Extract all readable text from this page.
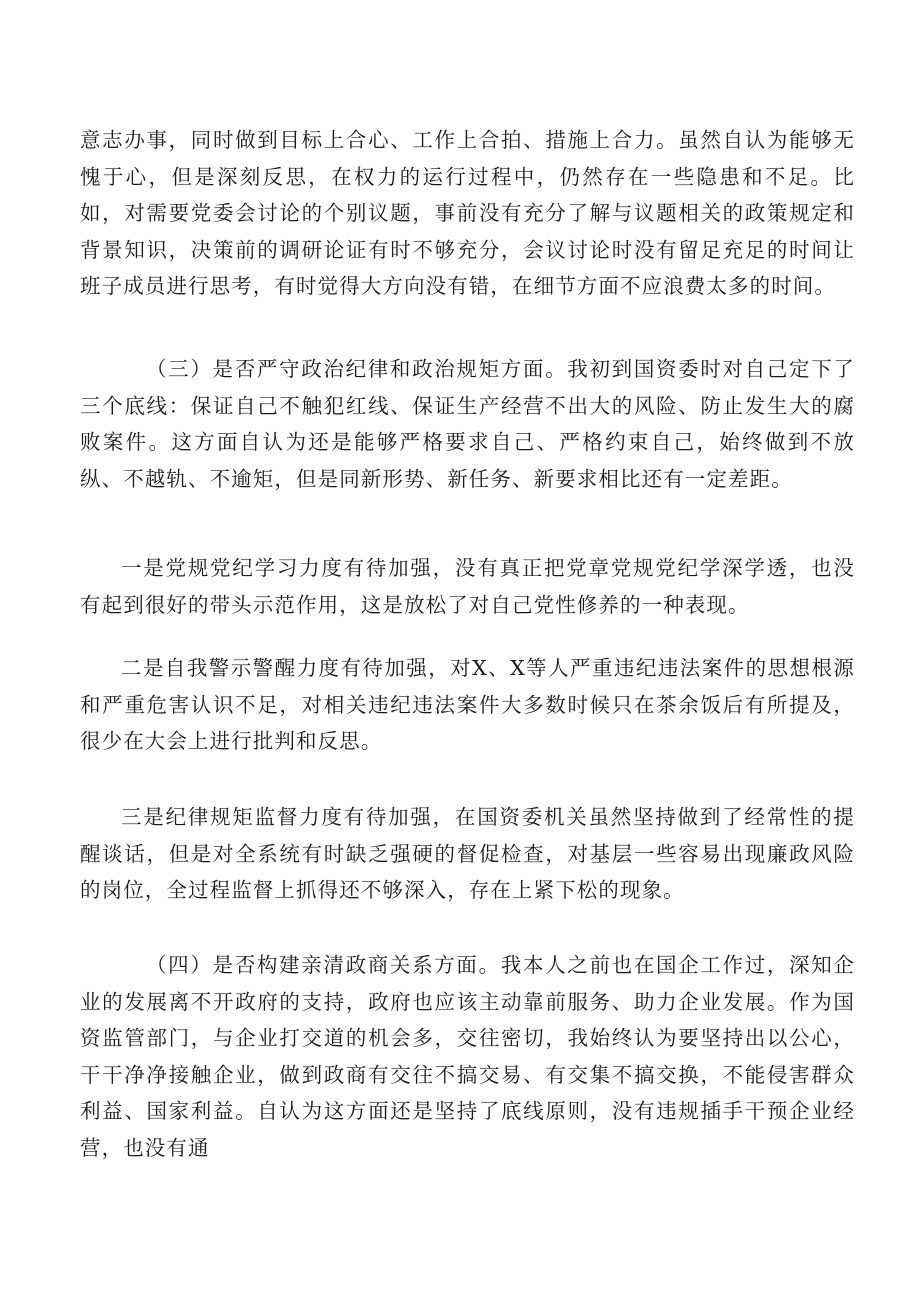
意志办事，同时做到目标上合心、工作上合拍、措施上合力。虽然自认为能够无愧于心，但是深刻反思，在权力的运行过程中，仍然存在一些隐患和不足。比如，对需要党委会讨论的个别议题，事前没有充分了解与议题相关的政策规定和背景知识，决策前的调研论证有时不够充分，会议讨论时没有留足充足的时间让班子成员进行思考，有时觉得大方向没有错，在细节方面不应浪费太多的时间。

（三）是否严守政治纪律和政治规矩方面。我初到国资委时对自己定下了三个底线：保证自己不触犯红线、保证生产经营不出大的风险、防止发生大的腐败案件。这方面自认为还是能够严格要求自己、严格约束自己，始终做到不放纵、不越轨、不逾矩，但是同新形势、新任务、新要求相比还有一定差距。

一是党规党纪学习力度有待加强，没有真正把党章党规党纪学深学透，也没有起到很好的带头示范作用，这是放松了对自己党性修养的一种表现。

二是自我警示警醒力度有待加强，对X、X等人严重违纪违法案件的思想根源和严重危害认识不足，对相关违纪违法案件大多数时候只在茶余饭后有所提及，很少在大会上进行批判和反思。

三是纪律规矩监督力度有待加强，在国资委机关虽然坚持做到了经常性的提醒谈话，但是对全系统有时缺乏强硬的督促检查，对基层一些容易出现廉政风险的岗位，全过程监督上抓得还不够深入，存在上紧下松的现象。

（四）是否构建亲清政商关系方面。我本人之前也在国企工作过，深知企业的发展离不开政府的支持，政府也应该主动靠前服务、助力企业发展。作为国资监管部门，与企业打交道的机会多，交往密切，我始终认为要坚持出以公心，干干净净接触企业，做到政商有交往不搞交易、有交集不搞交换，不能侵害群众利益、国家利益。自认为这方面还是坚持了底线原则，没有违规插手干预企业经营，也没有通
